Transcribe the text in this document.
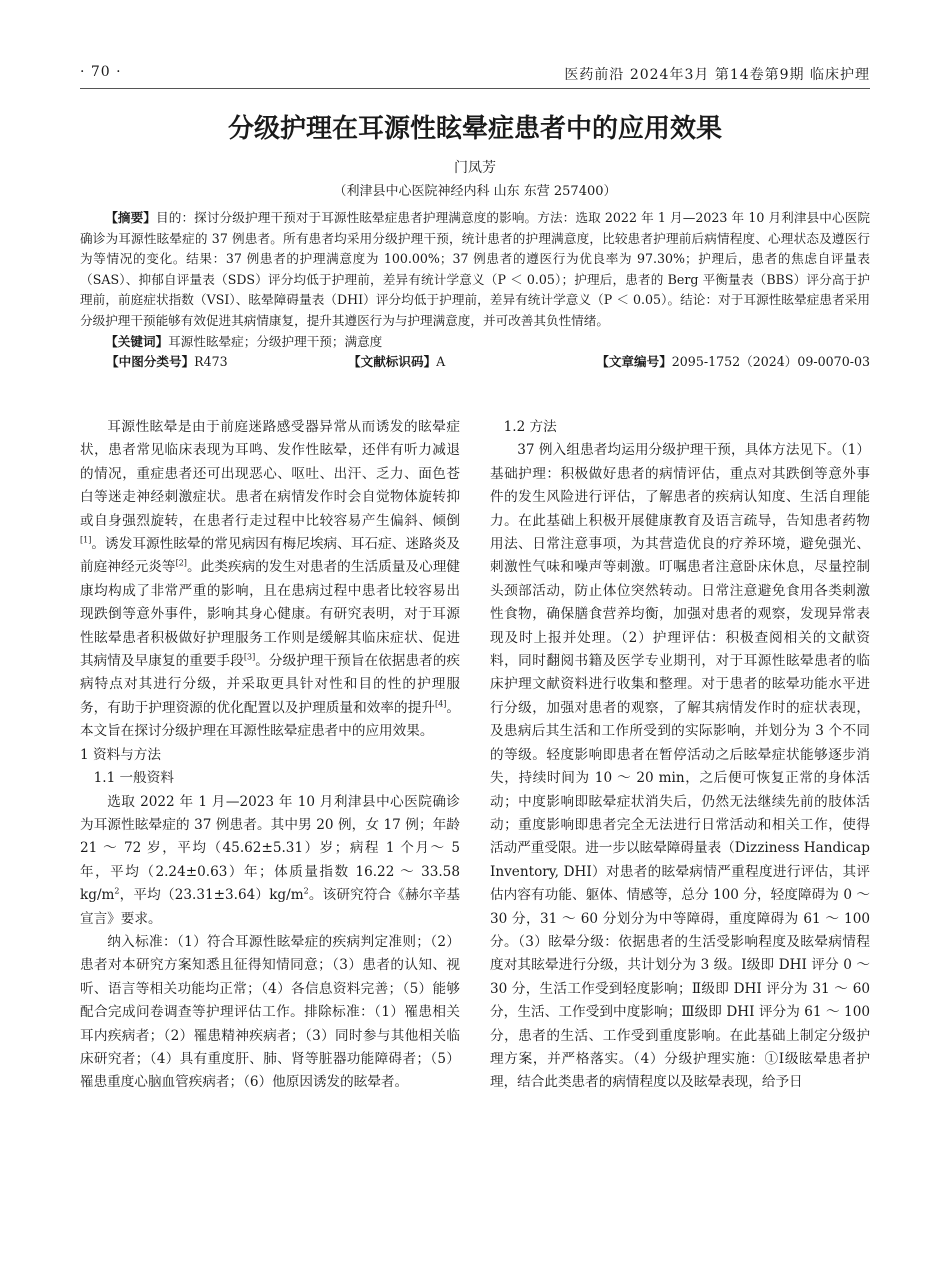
· 70 ·	医药前沿 2024年3月 第14卷第9期 临床护理
分级护理在耳源性眩晕症患者中的应用效果
门凤芳
（利津县中心医院神经内科 山东 东营 257400）

【摘要】目的：探讨分级护理干预对于耳源性眩晕症患者护理满意度的影响。方法：选取 2022 年 1 月—2023 年 10 月利津县中心医院确诊为耳源性眩晕症的 37 例患者。所有患者均采用分级护理干预，统计患者的护理满意度，比较患者护理前后病情程度、心理状态及遵医行为等情况的变化。结果：37 例患者的护理满意度为 100.00%；37 例患者的遵医行为优良率为 97.30%；护理后，患者的焦虑自评量表（SAS）、抑郁自评量表（SDS）评分均低于护理前，差异有统计学意义（P ＜ 0.05）；护理后，患者的 Berg 平衡量表（BBS）评分高于护理前，前庭症状指数（VSI）、眩晕障碍量表（DHI）评分均低于护理前，差异有统计学意义（P ＜ 0.05）。结论：对于耳源性眩晕症患者采用分级护理干预能够有效促进其病情康复，提升其遵医行为与护理满意度，并可改善其负性情绪。

【关键词】耳源性眩晕症；分级护理干预；满意度

【中图分类号】R473	【文献标识码】A	【文章编号】2095-1752（2024）09-0070-03

耳源性眩晕是由于前庭迷路感受器异常从而诱发的眩晕症状，患者常见临床表现为耳鸣、发作性眩晕，还伴有听力减退的情况，重症患者还可出现恶心、呕吐、出汗、乏力、面色苍白等迷走神经刺激症状。患者在病情发作时会自觉物体旋转抑或自身强烈旋转，在患者行走过程中比较容易产生偏斜、倾倒[1]。诱发耳源性眩晕的常见病因有梅尼埃病、耳石症、迷路炎及前庭神经元炎等[2]。此类疾病的发生对患者的生活质量及心理健康均构成了非常严重的影响，且在患病过程中患者比较容易出现跌倒等意外事件，影响其身心健康。有研究表明，对于耳源性眩晕患者积极做好护理服务工作则是缓解其临床症状、促进其病情及早康复的重要手段[3]。分级护理干预旨在依据患者的疾病特点对其进行分级，并采取更具针对性和目的性的护理服务，有助于护理资源的优化配置以及护理质量和效率的提升[4]。本文旨在探讨分级护理在耳源性眩晕症患者中的应用效果。

1 资料与方法

1.1 一般资料

选取 2022 年 1 月—2023 年 10 月利津县中心医院确诊为耳源性眩晕症的 37 例患者。其中男 20 例，女 17 例；年龄 21 ～ 72 岁，平均（45.62±5.31）岁；病程 1 个月～ 5 年，平均（2.24±0.63）年；体质量指数 16.22 ～ 33.58 $kg/m^2$，平均$(23.31\pm 3.64)kg/m^2$。该研究符合《赫尔辛基宣言》要求。

纳入标准：（1）符合耳源性眩晕症的疾病判定准则；（2）患者对本研究方案知悉且征得知情同意；（3）患者的认知、视听、语言等相关功能均正常；（4）各信息资料完善；（5）能够配合完成问卷调查等护理评估工作。排除标准：（1）罹患相关耳内疾病者；（2）罹患精神疾病者；（3）同时参与其他相关临床研究者；（4）具有重度肝、肺、肾等脏器功能障碍者；（5）罹患重度心脑血管疾病者；（6）他原因诱发的眩晕者。

1.2 方法

37 例入组患者均运用分级护理干预，具体方法见下。（1）基础护理：积极做好患者的病情评估，重点对其跌倒等意外事件的发生风险进行评估，了解患者的疾病认知度、生活自理能力。在此基础上积极开展健康教育及语言疏导，告知患者药物用法、日常注意事项，为其营造优良的疗养环境，避免强光、刺激性气味和噪声等刺激。叮嘱患者注意卧床休息，尽量控制头颈部活动，防止体位突然转动。日常注意避免食用各类刺激性食物，确保膳食营养均衡，加强对患者的观察，发现异常表现及时上报并处理。（2）护理评估：积极查阅相关的文献资料，同时翻阅书籍及医学专业期刊，对于耳源性眩晕患者的临床护理文献资料进行收集和整理。对于患者的眩晕功能水平进行分级，加强对患者的观察，了解其病情发作时的症状表现，及患病后其生活和工作所受到的实际影响，并划分为 3 个不同的等级。轻度影响即患者在暂停活动之后眩晕症状能够逐步消失，持续时间为 10 ～ 20 min，之后便可恢复正常的身体活动；中度影响即眩晕症状消失后，仍然无法继续先前的肢体活动；重度影响即患者完全无法进行日常活动和相关工作，使得活动严重受限。进一步以眩晕障碍量表（Dizziness Handicap Inventory, DHI）对患者的眩晕病情严重程度进行评估，其评估内容有功能、躯体、情感等，总分 100 分，轻度障碍为 0 ～ 30 分，31 ～ 60 分划分为中等障碍，重度障碍为 61 ～ 100 分。（3）眩晕分级：依据患者的生活受影响程度及眩晕病情程度对其眩晕进行分级，共计划分为 3 级。Ⅰ级即 DHI 评分 0 ～ 30 分，生活工作受到轻度影响；Ⅱ级即 DHI 评分为 31 ～ 60 分，生活、工作受到中度影响；Ⅲ级即 DHI 评分为 61 ～ 100 分，患者的生活、工作受到重度影响。在此基础上制定分级护理方案，并严格落实。（4）分级护理实施：①Ⅰ级眩晕患者护理，结合此类患者的病情程度以及眩晕表现，给予日
